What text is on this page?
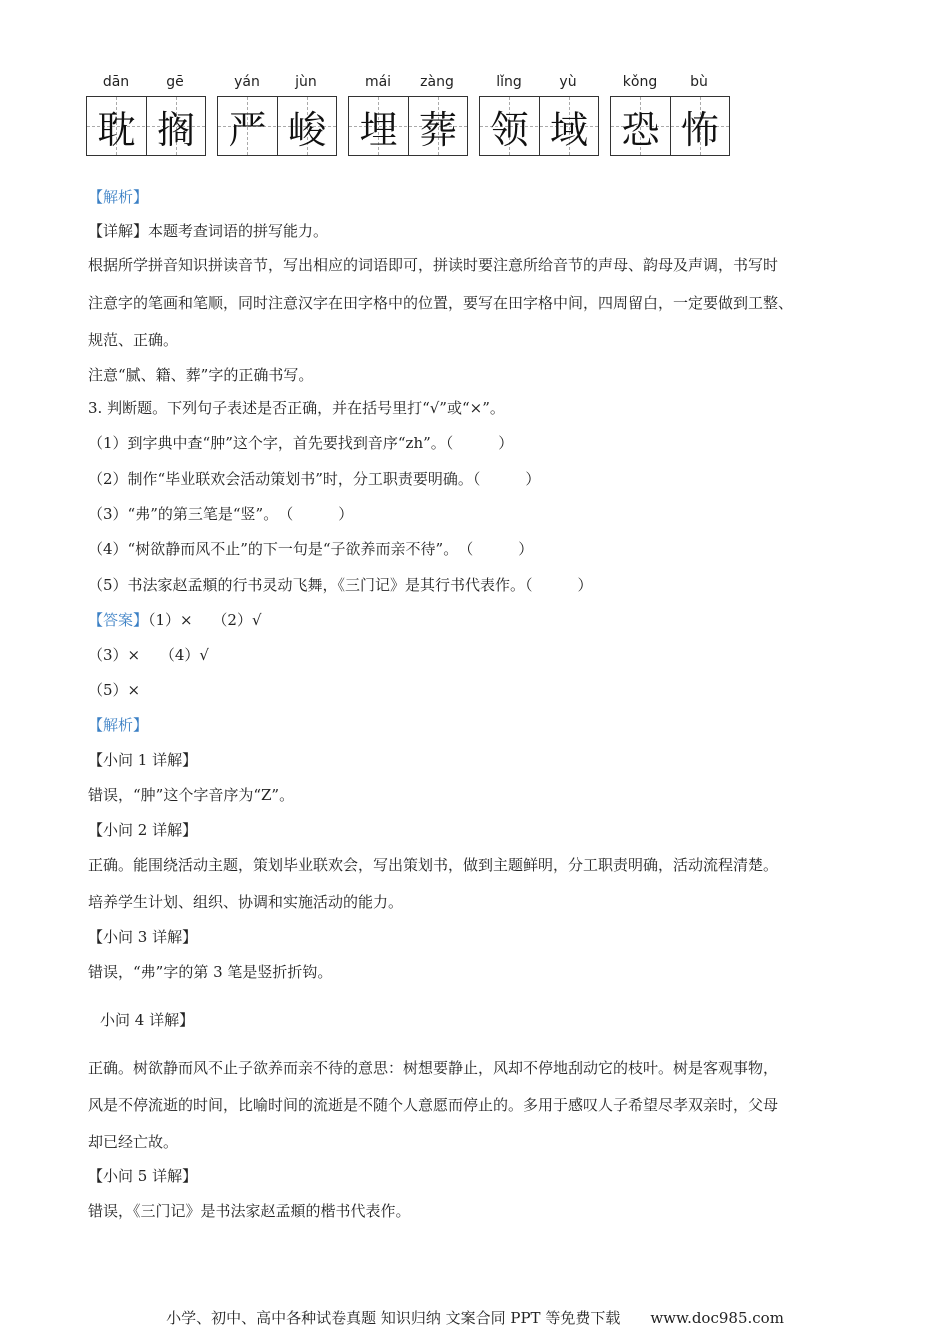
dān	gē
耽 搁
yán	jùn
严 峻
mái	zàng
埋 葬
lǐng	yù
领 域
kǒng	bù
恐 怖
【解析】
【详解】本题考查词语的拼写能力。
根据所学拼音知识拼读音节，写出相应的词语即可，拼读时要注意所给音节的声母、韵母及声调，书写时
注意字的笔画和笔顺，同时注意汉字在田字格中的位置，要写在田字格中间，四周留白，一定要做到工整、
规范、正确。
注意“腻、籍、葬”字的正确书写。
3. 判断题。下列句子表述是否正确，并在括号里打“√”或“×”。
（1）到字典中查“肿”这个字，首先要找到音序“zh”。（　　　）
（2）制作“毕业联欢会活动策划书”时，分工职责要明确。（　　　）
（3）“弗”的第三笔是“竖”。　（　　　）
（4）“树欲静而风不止”的下一句是“子欲养而亲不待”。　（　　　）
（5）书法家赵孟頫的行书灵动飞舞，《三门记》是其行书代表作。（　　　）
【答案】（1）×　 （2）√
（3）×　 （4）√
（5）×
【解析】
【小问 1 详解】
错误，“肿”这个字音序为“Z”。
【小问 2 详解】
正确。能围绕活动主题，策划毕业联欢会，写出策划书，做到主题鲜明，分工职责明确，活动流程清楚。
培养学生计划、组织、协调和实施活动的能力。
【小问 3 详解】
错误，“弗”字的第 3 笔是竖折折钩。
小问 4 详解】
正确。树欲静而风不止子欲养而亲不待的意思：树想要静止，风却不停地刮动它的枝叶。树是客观事物，
风是不停流逝的时间，比喻时间的流逝是不随个人意愿而停止的。多用于感叹人子希望尽孝双亲时，父母
却已经亡故。
【小问 5 详解】
错误，《三门记》是书法家赵孟頫的楷书代表作。
小学、初中、高中各种试卷真题 知识归纳 文案合同 PPT 等免费下载　　www.doc985.com
